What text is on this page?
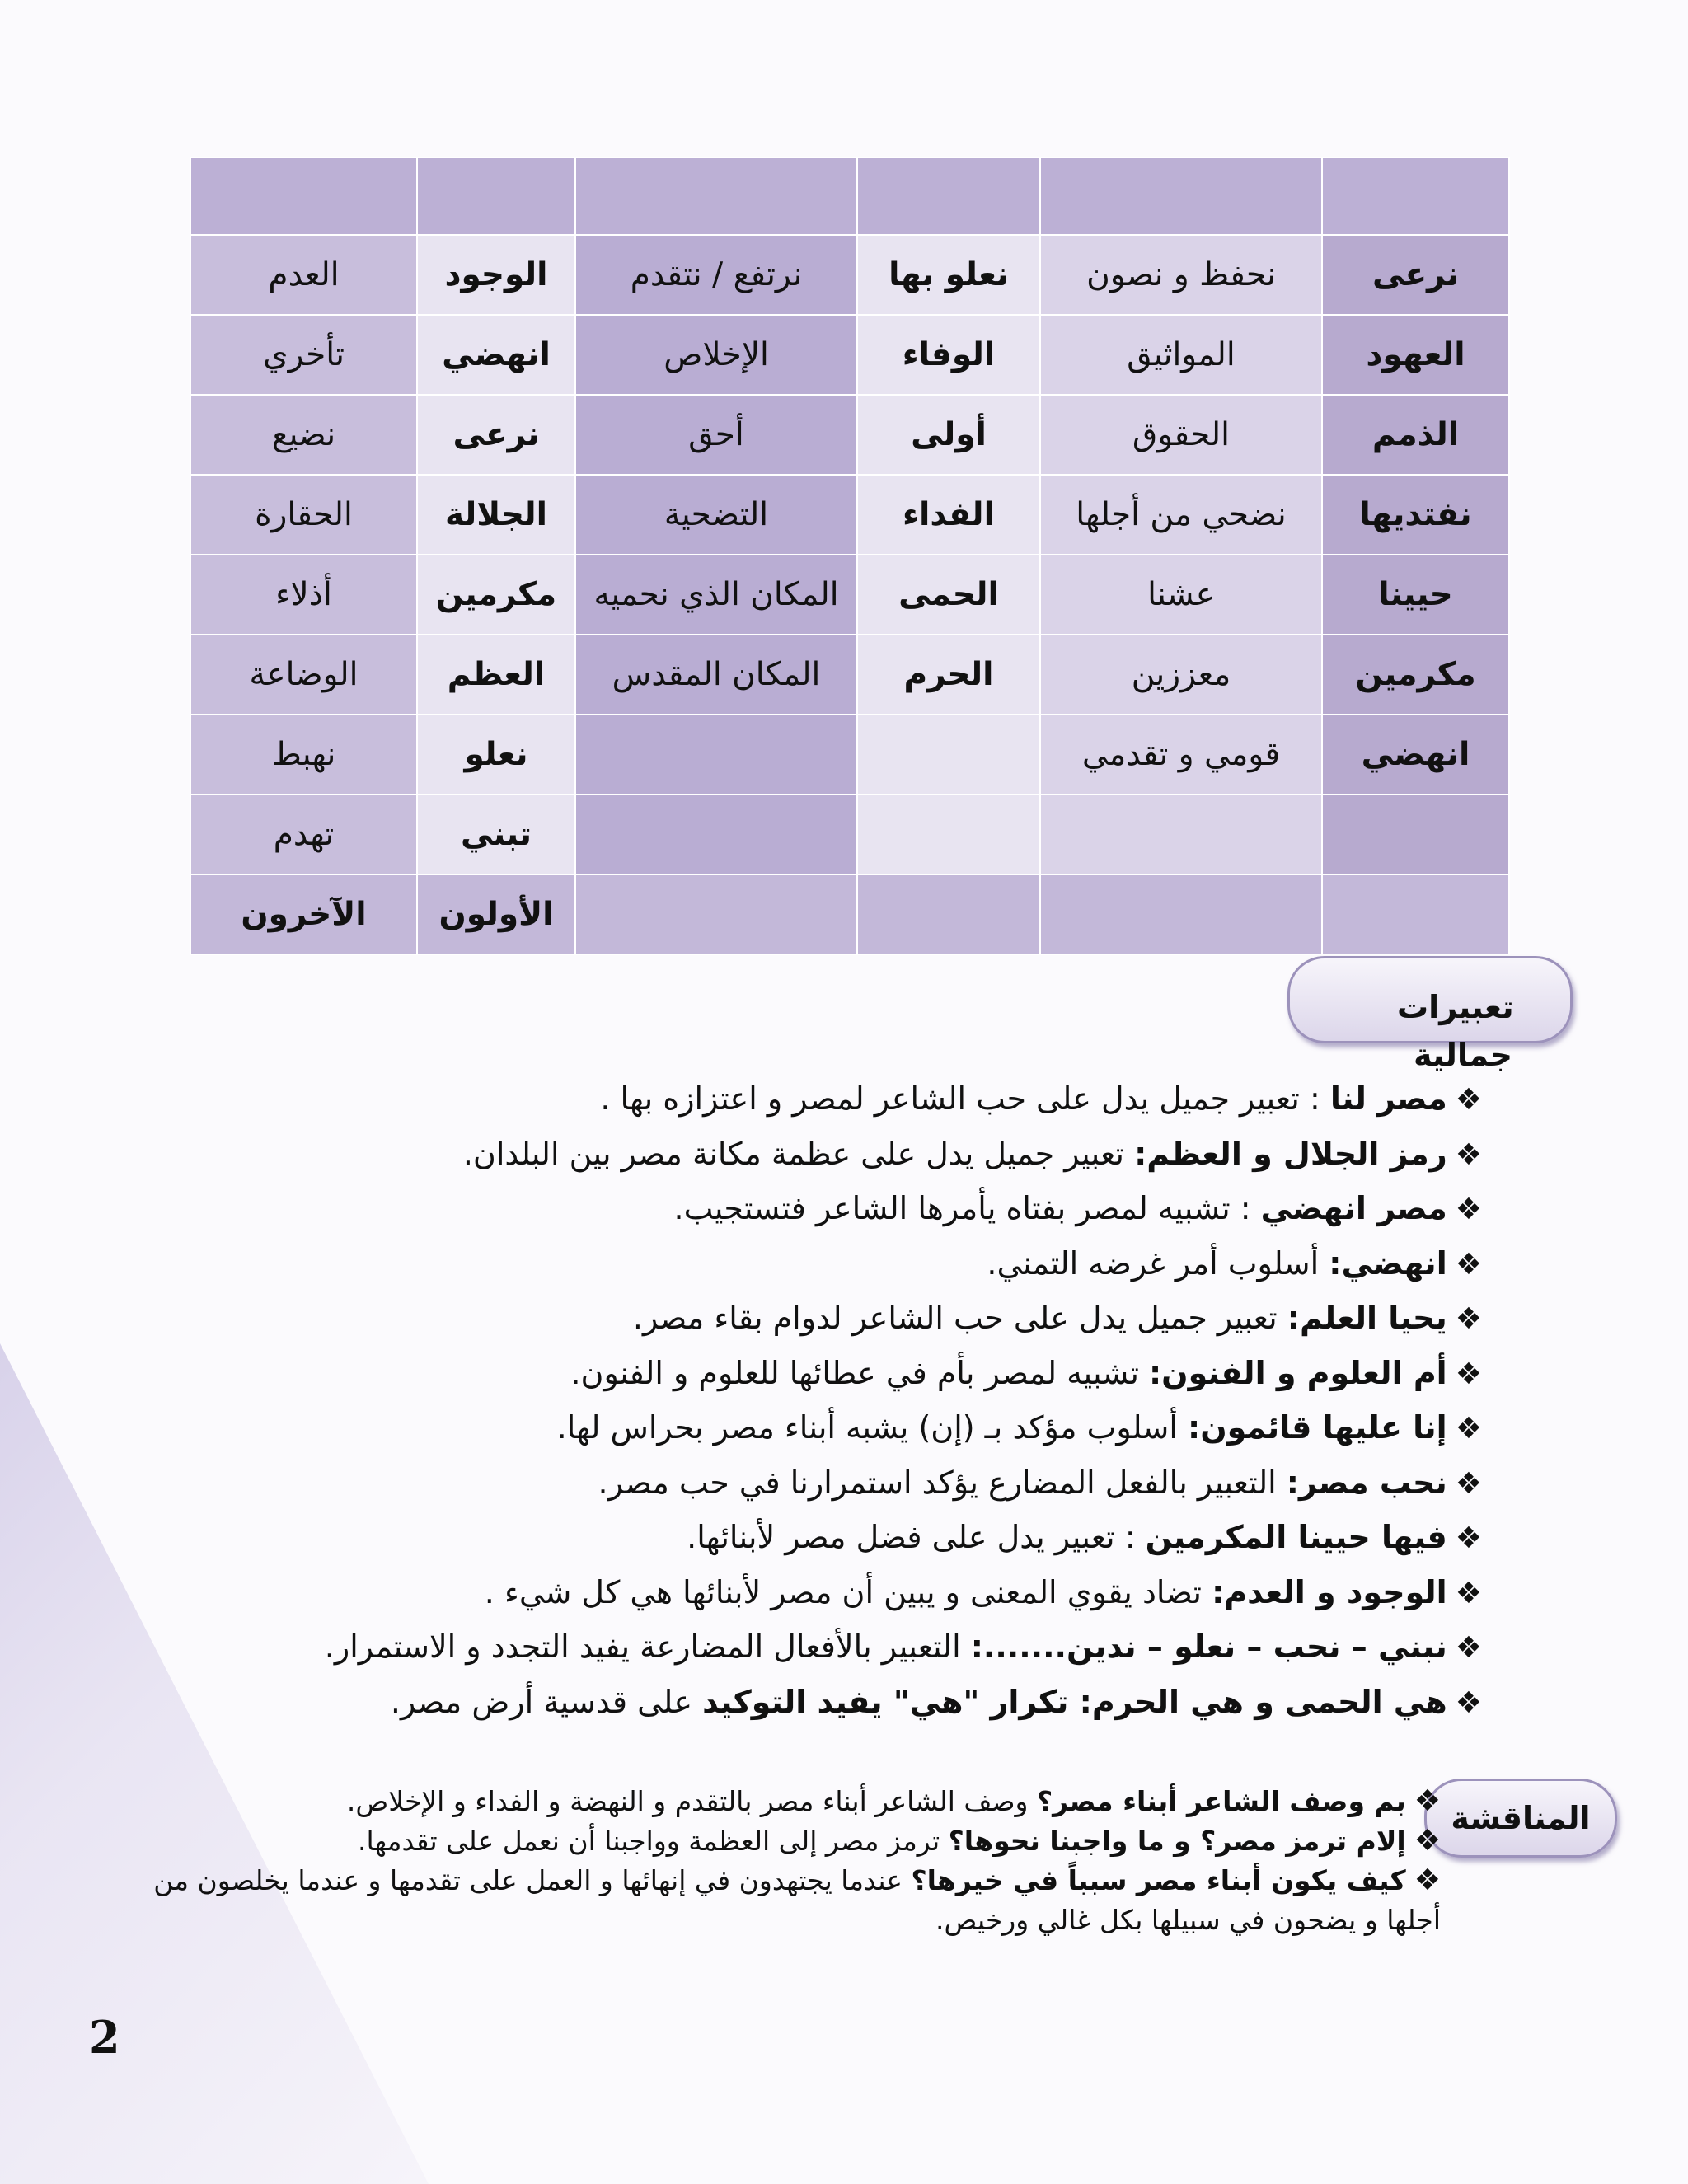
نرعى	نحفظ و نصون	نعلو بها	نرتفع / نتقدم	الوجود	العدم
العهود	المواثيق	الوفاء	الإخلاص	انهضي	تأخري
الذمم	الحقوق	أولى	أحق	نرعى	نضيع
نفتديها	نضحي من أجلها	الفداء	التضحية	الجلالة	الحقارة
حيينا	عشنا	الحمى	المكان الذي نحميه	مكرمين	أذلاء
مكرمين	معززين	الحرم	المكان المقدس	العظم	الوضاعة
انهضي	قومي و تقدمي			نعلو	نهبط
				تبني	تهدم
				الأولون	الآخرون
تعبيرات جمالية
❖مصر لنا : تعبير جميل يدل على حب الشاعر لمصر و اعتزازه بها .
❖رمز الجلال و العظم: تعبير جميل يدل على عظمة مكانة مصر بين البلدان.
❖مصر انهضي : تشبيه لمصر بفتاه يأمرها الشاعر فتستجيب.
❖انهضي: أسلوب أمر غرضه التمني.
❖يحيا العلم: تعبير جميل يدل على حب الشاعر لدوام بقاء مصر.
❖أم العلوم و الفنون: تشبيه لمصر بأم في عطائها للعلوم و الفنون.
❖إنا عليها قائمون: أسلوب مؤكد بـ (إن) يشبه أبناء مصر بحراس لها.
❖نحب مصر: التعبير بالفعل المضارع يؤكد استمرارنا في حب مصر.
❖فيها حيينا المكرمين : تعبير يدل على فضل مصر لأبنائها.
❖الوجود و العدم: تضاد يقوي المعنى و يبين أن مصر لأبنائها هي كل شيء .
❖نبني – نحب – نعلو – ندين.......: التعبير بالأفعال المضارعة يفيد التجدد و الاستمرار.
❖هي الحمى و هي الحرم: تكرار "هي" يفيد التوكيد على قدسية أرض مصر.
المناقشة
❖بم وصف الشاعر أبناء مصر؟ وصف الشاعر أبناء مصر بالتقدم و النهضة و الفداء و الإخلاص.
❖إلام ترمز مصر؟ و ما واجبنا نحوها؟ ترمز مصر إلى العظمة وواجبنا أن نعمل على تقدمها.
❖كيف يكون أبناء مصر سبباً في خيرها؟ عندما يجتهدون في إنهائها و العمل على تقدمها و عندما يخلصون من أجلها و يضحون في سبيلها بكل غالي ورخيص.
2
